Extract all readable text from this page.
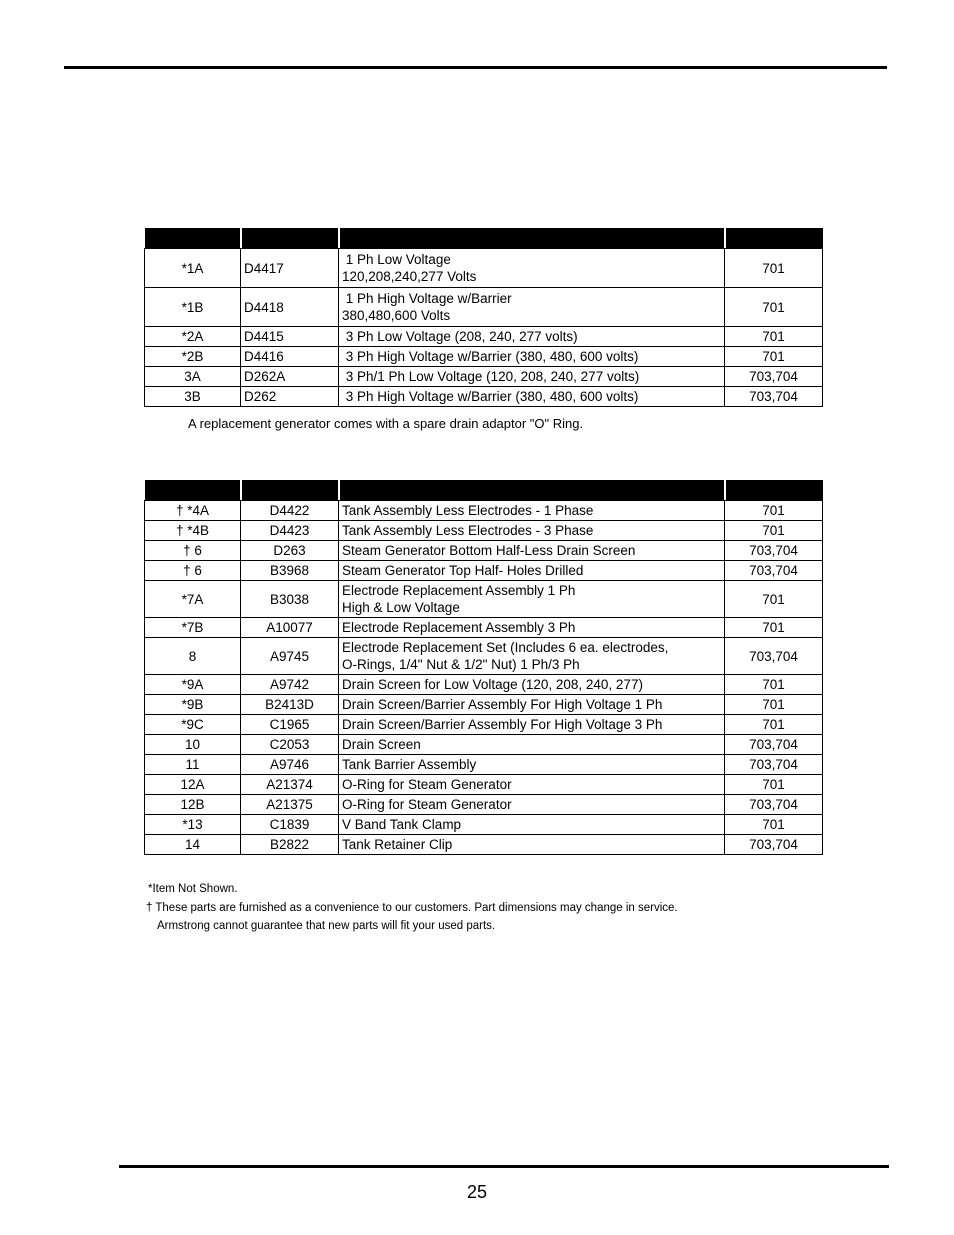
*1A	D4417	1 Ph Low Voltage
120,208,240,277 Volts	701
*1B	D4418	1 Ph High Voltage w/Barrier
380,480,600 Volts	701
*2A	D4415	3 Ph Low Voltage (208, 240, 277 volts)	701
*2B	D4416	3 Ph High Voltage w/Barrier (380, 480, 600 volts)	701
3A	D262A	3 Ph/1 Ph Low Voltage (120, 208, 240, 277 volts)	703,704
3B	D262	3 Ph High Voltage w/Barrier (380, 480, 600 volts)	703,704
A replacement generator comes with a spare drain adaptor "O" Ring.

† *4A	D4422	Tank Assembly Less Electrodes - 1 Phase	701
† *4B	D4423	Tank Assembly Less Electrodes - 3 Phase	701
† 6	D263	Steam Generator Bottom Half-Less Drain Screen	703,704
† 6	B3968	Steam Generator Top Half- Holes Drilled	703,704
*7A	B3038	Electrode Replacement Assembly 1 Ph
High & Low Voltage	701
*7B	A10077	Electrode Replacement Assembly 3 Ph	701
8	A9745	Electrode Replacement Set (Includes 6 ea. electrodes,
O-Rings, 1/4" Nut & 1/2" Nut) 1 Ph/3 Ph	703,704
*9A	A9742	Drain Screen for Low Voltage (120, 208, 240, 277)	701
*9B	B2413D	Drain Screen/Barrier Assembly For High Voltage 1 Ph	701
*9C	C1965	Drain Screen/Barrier Assembly For High Voltage 3 Ph	701
10	C2053	Drain Screen	703,704
11	A9746	Tank Barrier Assembly	703,704
12A	A21374	O-Ring for Steam Generator	701
12B	A21375	O-Ring for Steam Generator	703,704
*13	C1839	V Band Tank Clamp	701
14	B2822	Tank Retainer Clip	703,704
*Item Not Shown.
† These parts are furnished as a convenience to our customers. Part dimensions may change in service.
Armstrong cannot guarantee that new parts will fit your used parts.
25
